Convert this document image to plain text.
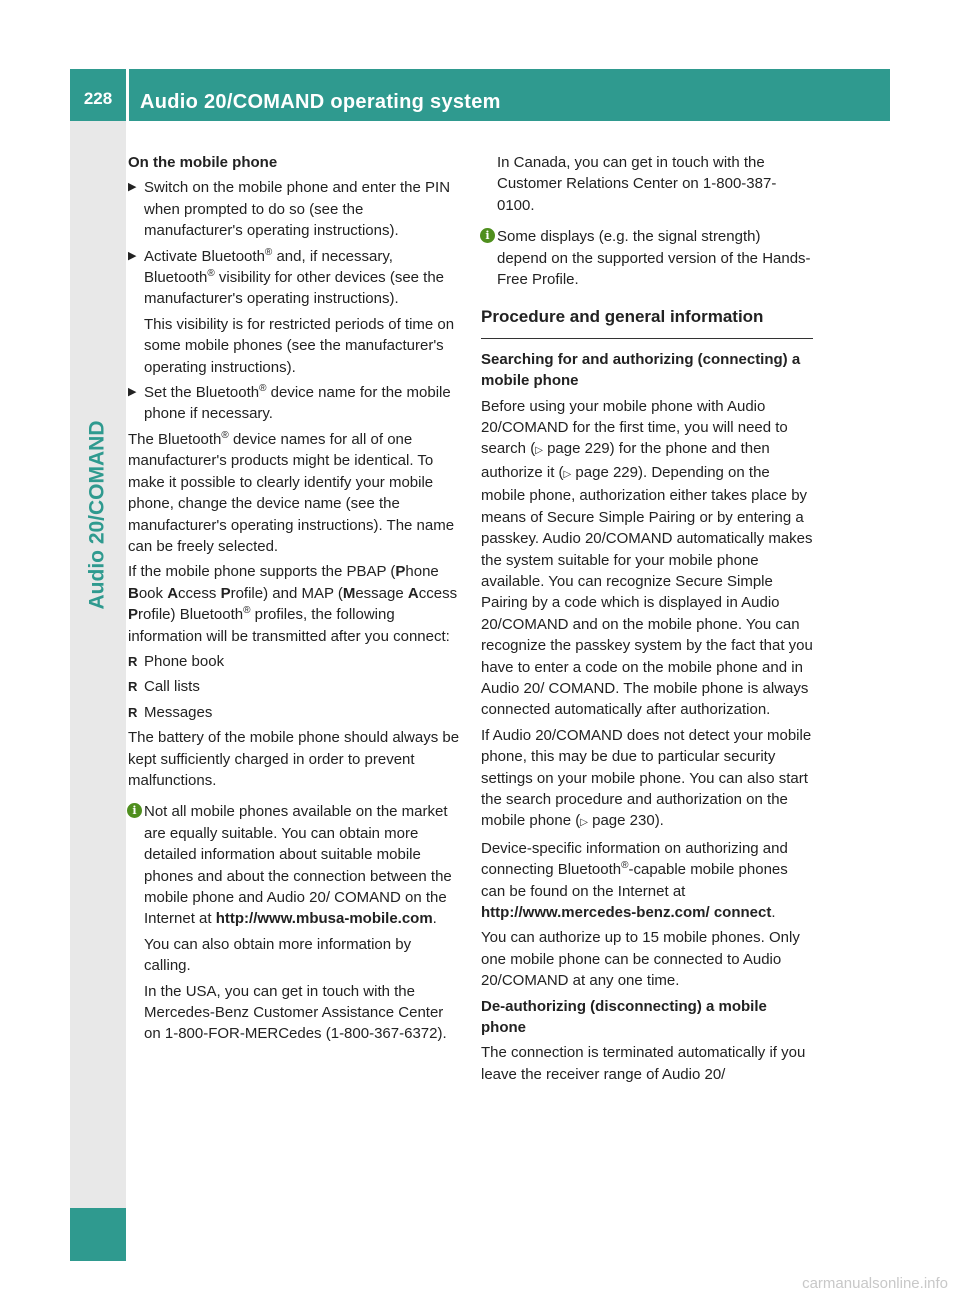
228	Audio 20/COMAND operating system
Audio 20/COMAND
On the mobile phone
▶ Switch on the mobile phone and enter the PIN when prompted to do so (see the manufacturer's operating instructions).
▶ Activate Bluetooth® and, if necessary, Bluetooth® visibility for other devices (see the manufacturer's operating instructions).
This visibility is for restricted periods of time on some mobile phones (see the manufacturer's operating instructions).
▶ Set the Bluetooth® device name for the mobile phone if necessary.
The Bluetooth® device names for all of one manufacturer's products might be identical. To make it possible to clearly identify your mobile phone, change the device name (see the manufacturer's operating instructions). The name can be freely selected.
If the mobile phone supports the PBAP (Phone Book Access Profile) and MAP (Message Access Profile) Bluetooth® profiles, the following information will be transmitted after you connect:
R Phone book
R Call lists
R Messages
The battery of the mobile phone should always be kept sufficiently charged in order to prevent malfunctions.
i Not all mobile phones available on the market are equally suitable. You can obtain more detailed information about suitable mobile phones and about the connection between the mobile phone and Audio 20/ COMAND on the Internet at http://www.mbusa-mobile.com.
You can also obtain more information by calling.
In the USA, you can get in touch with the Mercedes-Benz Customer Assistance Center on 1-800-FOR-MERCedes (1-800-367-6372).
In Canada, you can get in touch with the Customer Relations Center on 1-800-387-0100.
i Some displays (e.g. the signal strength) depend on the supported version of the Hands-Free Profile.
Procedure and general information
Searching for and authorizing (connecting) a mobile phone
Before using your mobile phone with Audio 20/COMAND for the first time, you will need to search (▷ page 229) for the phone and then authorize it (▷ page 229). Depending on the mobile phone, authorization either takes place by means of Secure Simple Pairing or by entering a passkey. Audio 20/COMAND automatically makes the system suitable for your mobile phone available. You can recognize Secure Simple Pairing by a code which is displayed in Audio 20/COMAND and on the mobile phone. You can recognize the passkey system by the fact that you have to enter a code on the mobile phone and in Audio 20/ COMAND. The mobile phone is always connected automatically after authorization.
If Audio 20/COMAND does not detect your mobile phone, this may be due to particular security settings on your mobile phone. You can also start the search procedure and authorization on the mobile phone (▷ page 230).
Device-specific information on authorizing and connecting Bluetooth®-capable mobile phones can be found on the Internet at
http://www.mercedes-benz.com/ connect.
You can authorize up to 15 mobile phones. Only one mobile phone can be connected to Audio 20/COMAND at any one time.
De-authorizing (disconnecting) a mobile phone
The connection is terminated automatically if you leave the receiver range of Audio 20/
carmanualsonline.info
